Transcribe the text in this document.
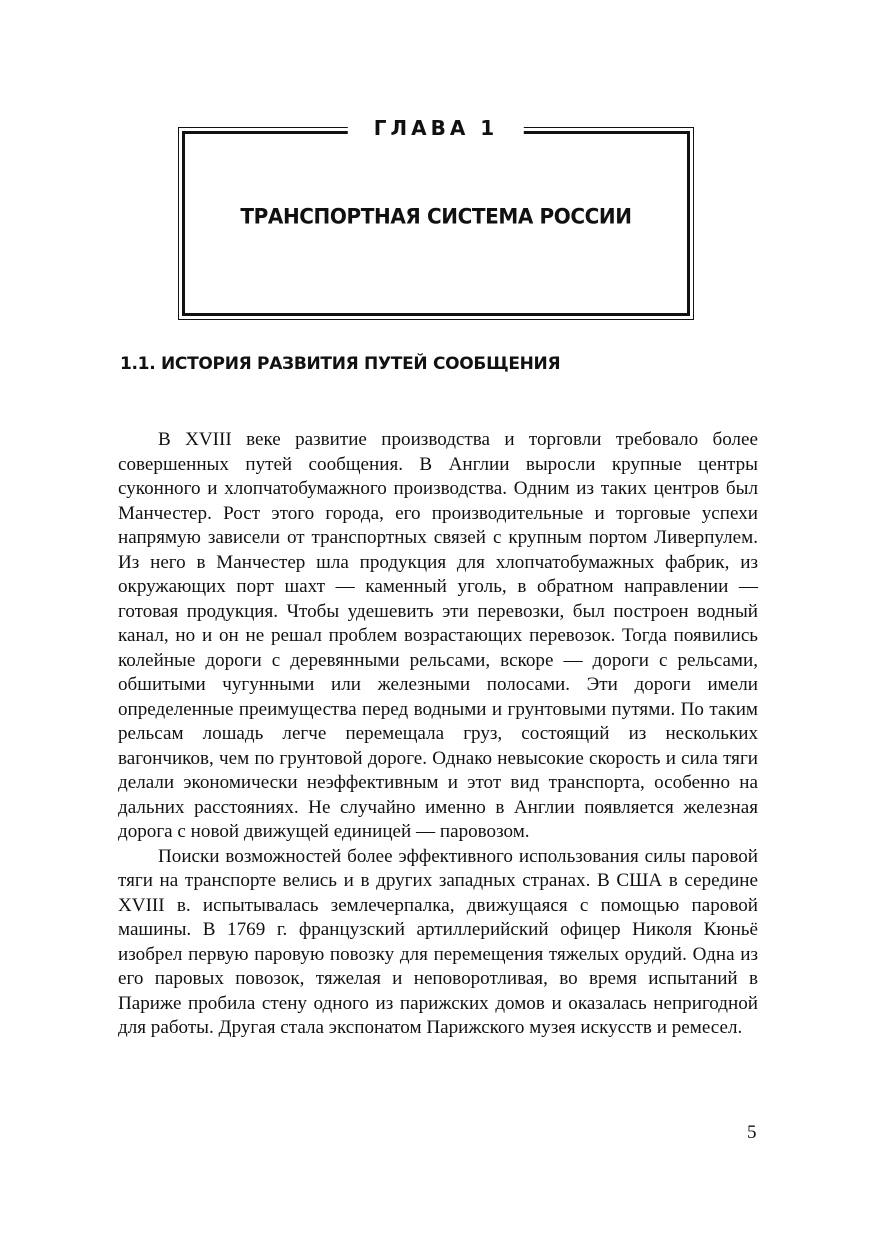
ГЛАВА 1
ТРАНСПОРТНАЯ СИСТЕМА РОССИИ
1.1. ИСТОРИЯ РАЗВИТИЯ ПУТЕЙ СООБЩЕНИЯ

В XVIII веке развитие производства и торговли требовало более совершенных путей сообщения. В Англии выросли крупные центры суконного и хлопчатобумажного производства. Одним из таких центров был Манчестер. Рост этого города, его производительные и торговые успехи напрямую зависели от транспортных связей с крупным портом Ливерпулем. Из него в Манчестер шла продукция для хлопчатобумажных фабрик, из окружающих порт шахт — каменный уголь, в обратном направлении — готовая продукция. Чтобы удешевить эти перевозки, был построен водный канал, но и он не решал проблем возрастающих перевозок. Тогда появились колейные дороги с деревянными рельсами, вскоре — дороги с рельсами, обшитыми чугунными или железными полосами. Эти дороги имели определенные преимущества перед водными и грунтовыми путями. По таким рельсам лошадь легче перемещала груз, состоящий из нескольких вагончиков, чем по грунтовой дороге. Однако невысокие скорость и сила тяги делали экономически неэффективным и этот вид транспорта, особенно на дальних расстояниях. Не случайно именно в Англии появляется железная дорога с новой движущей единицей — паровозом.

Поиски возможностей более эффективного использования силы паровой тяги на транспорте велись и в других западных странах. В США в середине XVIII в. испытывалась землечерпалка, движущаяся с помощью паровой машины. В 1769 г. французский артиллерийский офицер Николя Кюньё изобрел первую паровую повозку для перемещения тяжелых орудий. Одна из его паровых повозок, тяжелая и неповоротливая, во время испытаний в Париже пробила стену одного из парижских домов и оказалась непригодной для работы. Другая стала экспонатом Парижского музея искусств и ремесел.

5
